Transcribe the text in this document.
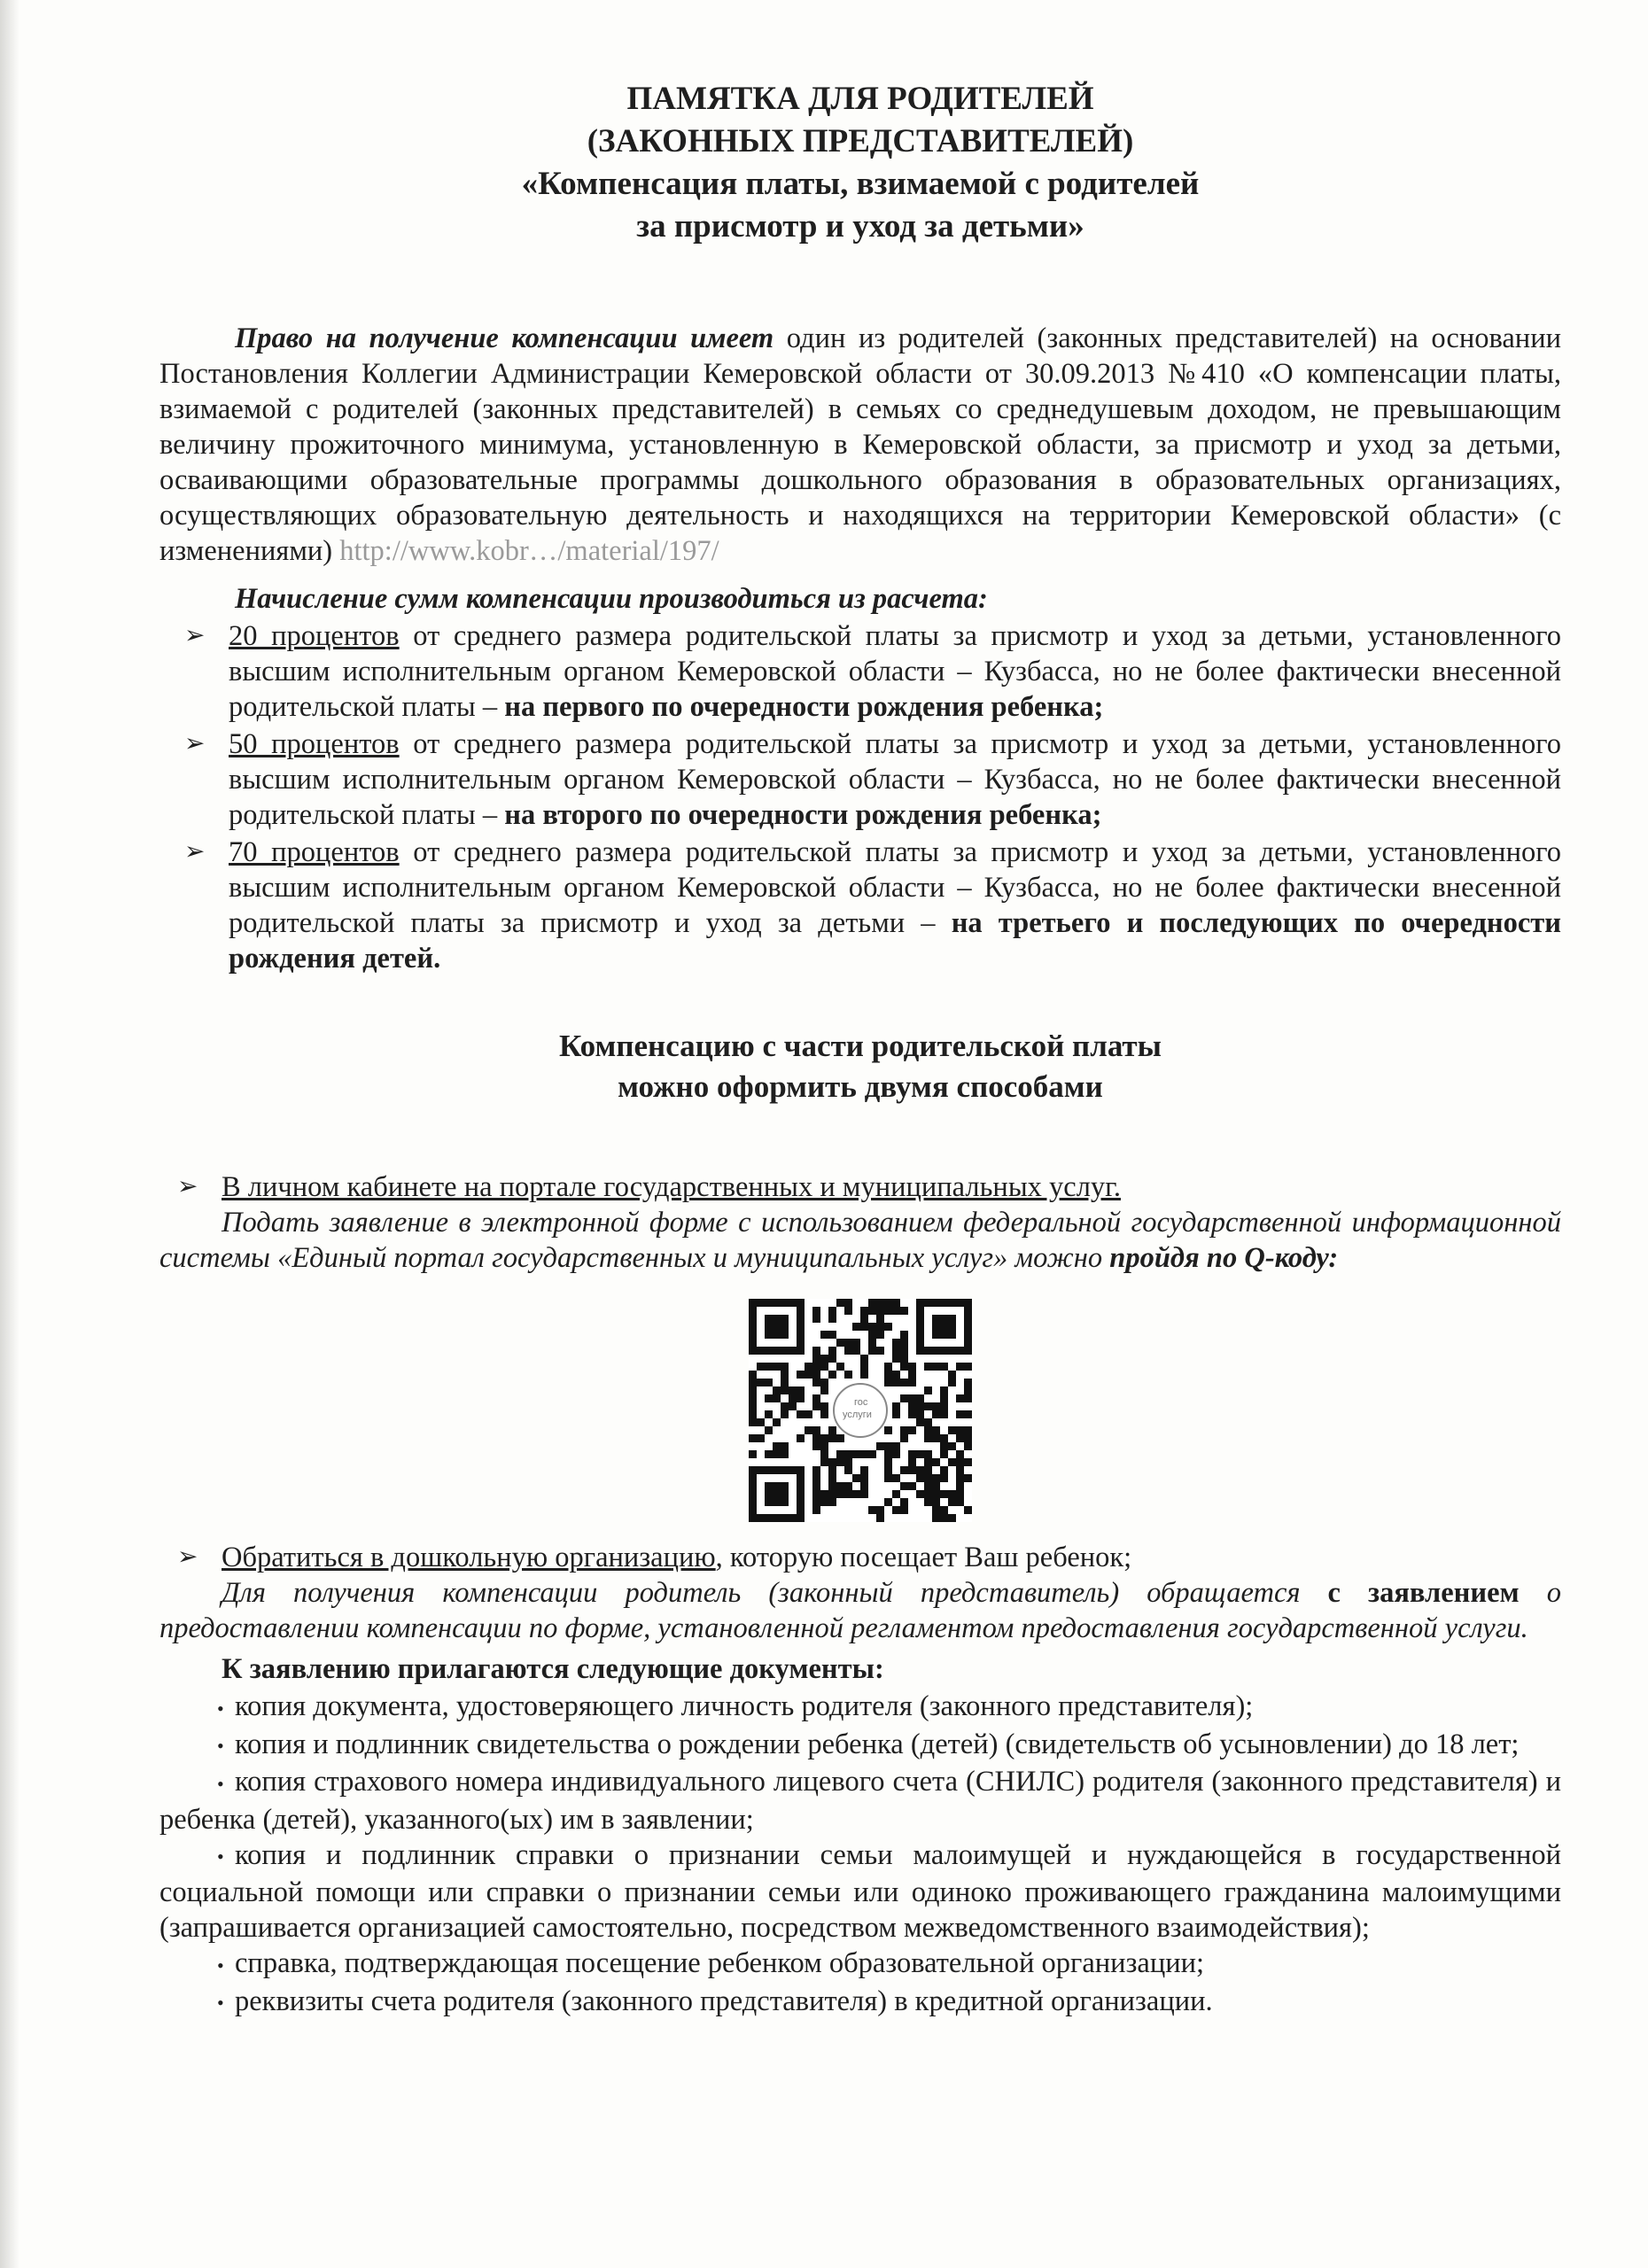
ПАМЯТКА ДЛЯ РОДИТЕЛЕЙ
(ЗАКОННЫХ ПРЕДСТАВИТЕЛЕЙ)
«Компенсация платы, взимаемой с родителей
за присмотр и уход за детьми»

Право на получение компенсации имеет один из родителей (законных представителей) на основании Постановления Коллегии Администрации Кемеровской области от 30.09.2013 №410 «О компенсации платы, взимаемой с родителей (законных представителей) в семьях со среднедушевым доходом, не превышающим величину прожиточного минимума, установленную в Кемеровской области, за присмотр и уход за детьми, осваивающими образовательные программы дошкольного образования в образовательных организациях, осуществляющих образовательную деятельность и находящихся на территории Кемеровской области» (с изменениями) http://www.kobr…/material/197/

Начисление сумм компенсации производиться из расчета:
➢ 20 процентов от среднего размера родительской платы за присмотр и уход за детьми, установленного высшим исполнительным органом Кемеровской области – Кузбасса, но не более фактически внесенной родительской платы – на первого по очередности рождения ребенка;
➢ 50 процентов от среднего размера родительской платы за присмотр и уход за детьми, установленного высшим исполнительным органом Кемеровской области – Кузбасса, но не более фактически внесенной родительской платы – на второго по очередности рождения ребенка;
➢ 70 процентов от среднего размера родительской платы за присмотр и уход за детьми, установленного высшим исполнительным органом Кемеровской области – Кузбасса, но не более фактически внесенной родительской платы за присмотр и уход за детьми – на третьего и последующих по очередности рождения детей.
Компенсацию с части родительской платы
можно оформить двумя способами
➢ В личном кабинете на портале государственных и муниципальных услуг.

Подать заявление в электронной форме с использованием федеральной государственной информационной системы «Единый портал государственных и муниципальных услуг» можно пройдя по Q-коду:

гос
услуги
➢ Обратиться в дошкольную организацию, которую посещает Ваш ребенок;

Для получения компенсации родитель (законный представитель) обращается с заявлением о предоставлении компенсации по форме, установленной регламентом предоставления государственной услуги.

К заявлению прилагаются следующие документы:
• копия документа, удостоверяющего личность родителя (законного представителя);
• копия и подлинник свидетельства о рождении ребенка (детей) (свидетельств об усыновлении) до 18 лет;
• копия страхового номера индивидуального лицевого счета (СНИЛС) родителя (законного представителя) и ребенка (детей), указанного(ых) им в заявлении;
• копия и подлинник справки о признании семьи малоимущей и нуждающейся в государственной социальной помощи или справки о признании семьи или одиноко проживающего гражданина малоимущими (запрашивается организацией самостоятельно, посредством межведомственного взаимодействия);
• справка, подтверждающая посещение ребенком образовательной организации;
• реквизиты счета родителя (законного представителя) в кредитной организации.
